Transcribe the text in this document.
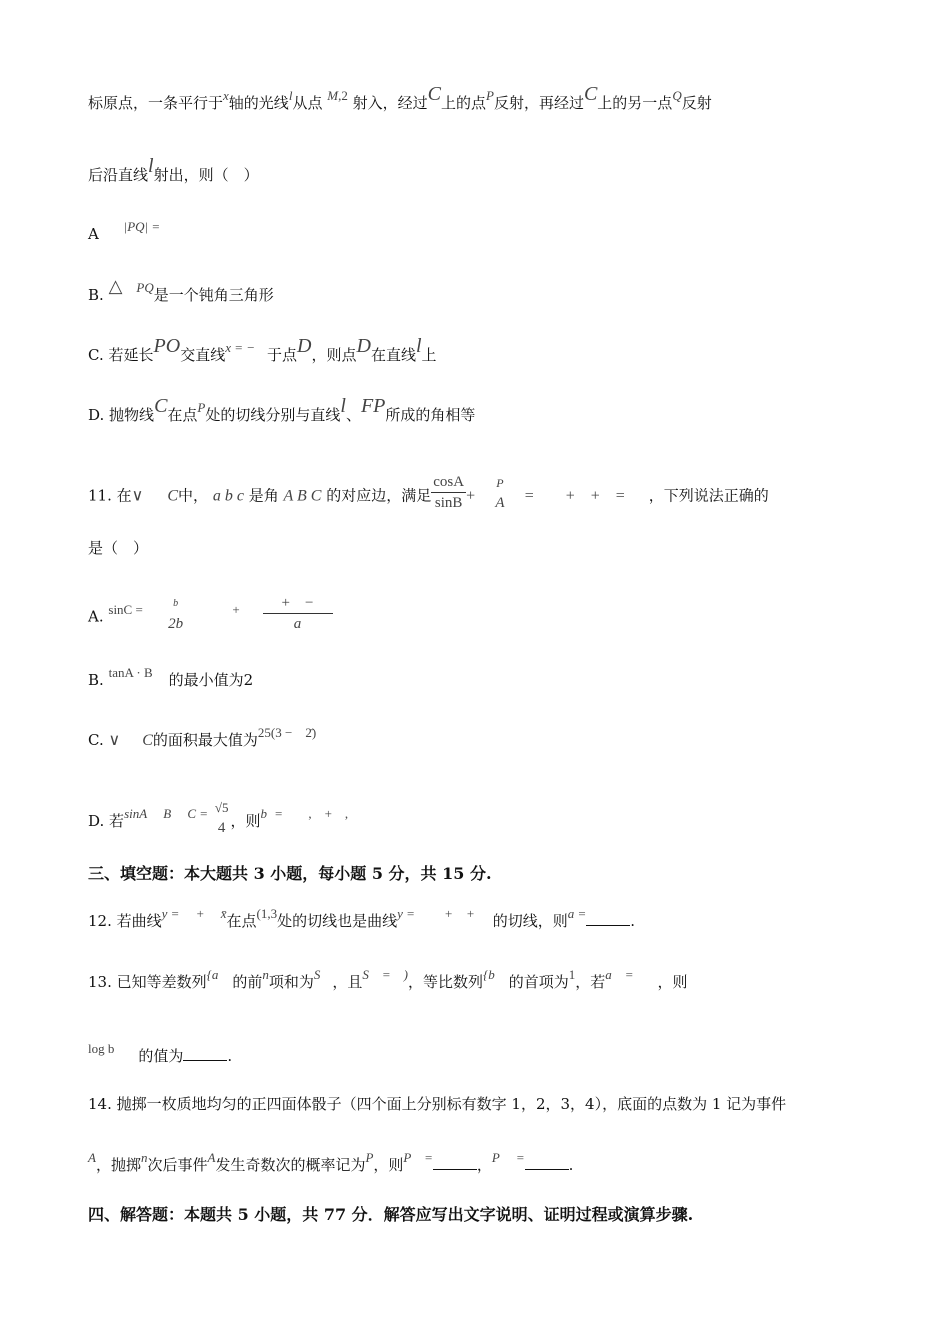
标原点，一条平行于x轴的光线l从点 M,2 射入，经过C上的点P反射，再经过C上的另一点Q反射
后沿直线l射出，则（　）
A |PQ| =
B. △ PQ是一个钝角三角形
C. 若延长PO交直线x = − 于点D，则点D在直线l上
D. 抛物线C在点P处的切线分别与直线l、FP所成的角相等
11. 在∨ C中， a b c 是角 A B C 的对应边，满足 $\frac{\cos A}{\sin B}$ +
P
A	=　　+　+　= ，下列说法正确的
是（　）
A. sinC =	b
2b
+ $\frac{+ -}{a}$
B. tanA · B 的最小值为2
C. ∨ C的面积最大值为25(3 −　2̄)
D. 若sinA　 B　 C = √5
4 ，则b =　　,　+　,
三、填空题：本大题共 3 小题，每小题 5 分，共 15 分.
12. 若曲线y =　 +　 x̄在点(1,3处的切线也是曲线y =　　 +　+ 的切线，则a =	.
13. 已知等差数列{a 的前n项和为S ，且S　=　)，等比数列{b 的首项为1，若a　= ，则
log b 的值为	.
14. 抛掷一枚质地均匀的正四面体骰子（四个面上分别标有数字 1，2，3，4），底面的点数为 1 记为事件
A，抛掷n次后事件A发生奇数次的概率记为P，则P　=	，P　 =	.
四、解答题：本题共 5 小题，共 77 分．解答应写出文字说明、证明过程或演算步骤.
